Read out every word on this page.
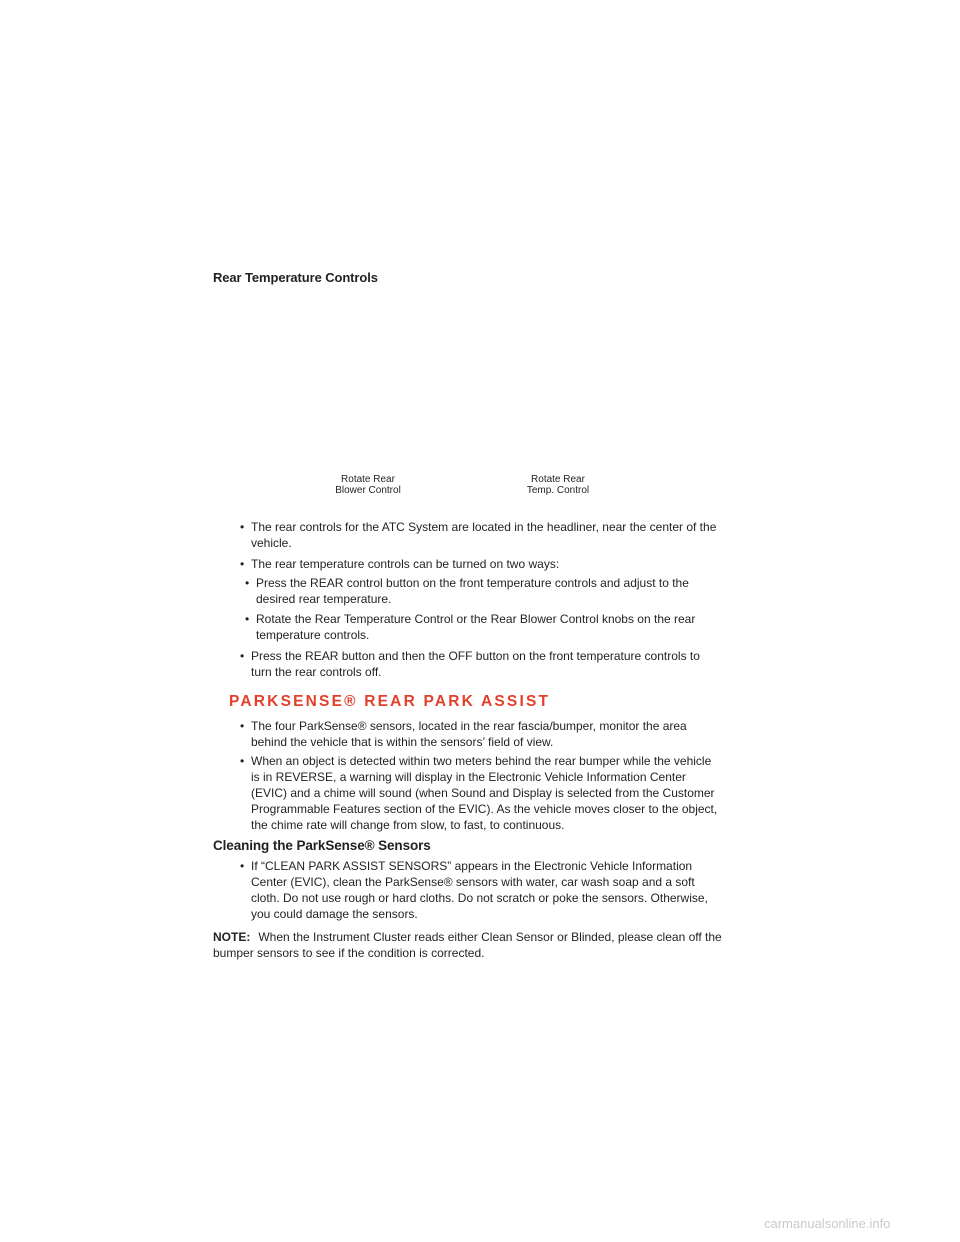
Rear Temperature Controls
Rotate Rear
Blower Control
Rotate Rear
Temp. Control
• The rear controls for the ATC System are located in the headliner, near the center of the vehicle.
• The rear temperature controls can be turned on two ways:
• Press the REAR control button on the front temperature controls and adjust to the desired rear temperature.
• Rotate the Rear Temperature Control or the Rear Blower Control knobs on the rear temperature controls.
• Press the REAR button and then the OFF button on the front temperature controls to turn the rear controls off.
PARKSENSE® REAR PARK ASSIST
• The four ParkSense® sensors, located in the rear fascia/bumper, monitor the area behind the vehicle that is within the sensors’ field of view.
• When an object is detected within two meters behind the rear bumper while the vehicle is in REVERSE, a warning will display in the Electronic Vehicle Information Center (EVIC) and a chime will sound (when Sound and Display is selected from the Customer Programmable Features section of the EVIC). As the vehicle moves closer to the object, the chime rate will change from slow, to fast, to continuous.
Cleaning the ParkSense® Sensors
• If “CLEAN PARK ASSIST SENSORS” appears in the Electronic Vehicle Information Center (EVIC), clean the ParkSense® sensors with water, car wash soap and a soft cloth. Do not use rough or hard cloths. Do not scratch or poke the sensors. Otherwise, you could damage the sensors.
NOTE: When the Instrument Cluster reads either Clean Sensor or Blinded, please clean off the bumper sensors to see if the condition is corrected.
carmanualsonline.info
